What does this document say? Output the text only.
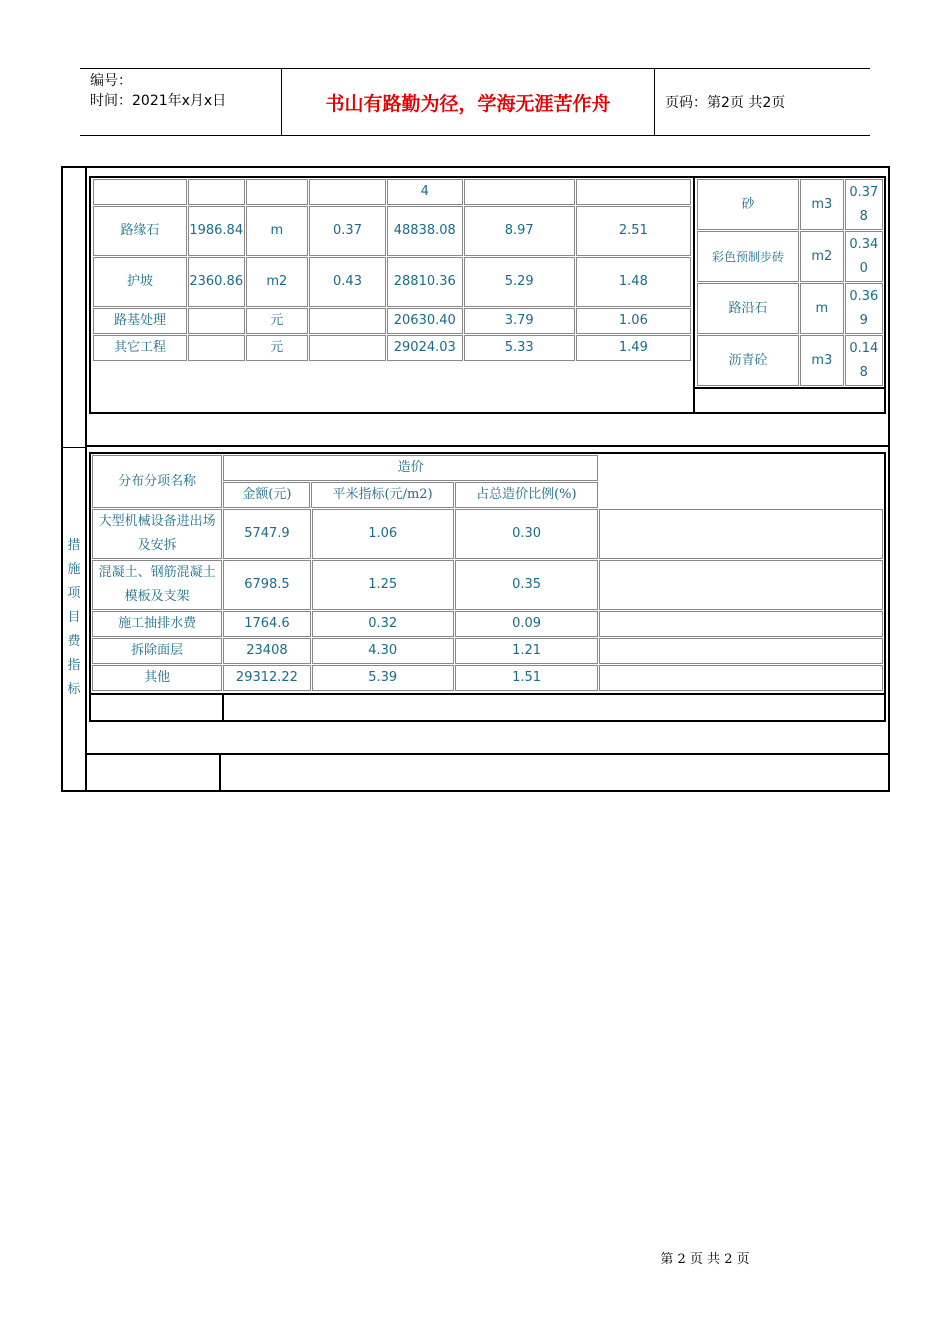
编号：
时间：2021年x月x日	书山有路勤为径，学海无涯苦作舟	页码：第2页 共2页
				4		
路缘石	1986.84	m	0.37	48838.08	8.97	2.51
护坡	2360.86	m2	0.43	28810.36	5.29	1.48
路基处理		元		20630.40	3.79	1.06
其它工程		元		29024.03	5.33	1.49
砂	m3	0.378
彩色预制步砖	m2	0.340
路沿石	m	0.369
沥青砼	m3	0.148
措施项目费指标
分布分项名称	造价		
	金额(元)	平米指标(元/m2)	占总造价比例(%)
大型机械设备进出场及安拆	5747.9	1.06	0.30	
混凝土、钢筋混凝土模板及支架	6798.5	1.25	0.35	
施工抽排水费	1764.6	0.32	0.09	
拆除面层	23408	4.30	1.21	
其他	29312.22	5.39	1.51	
第 2 页 共 2 页
